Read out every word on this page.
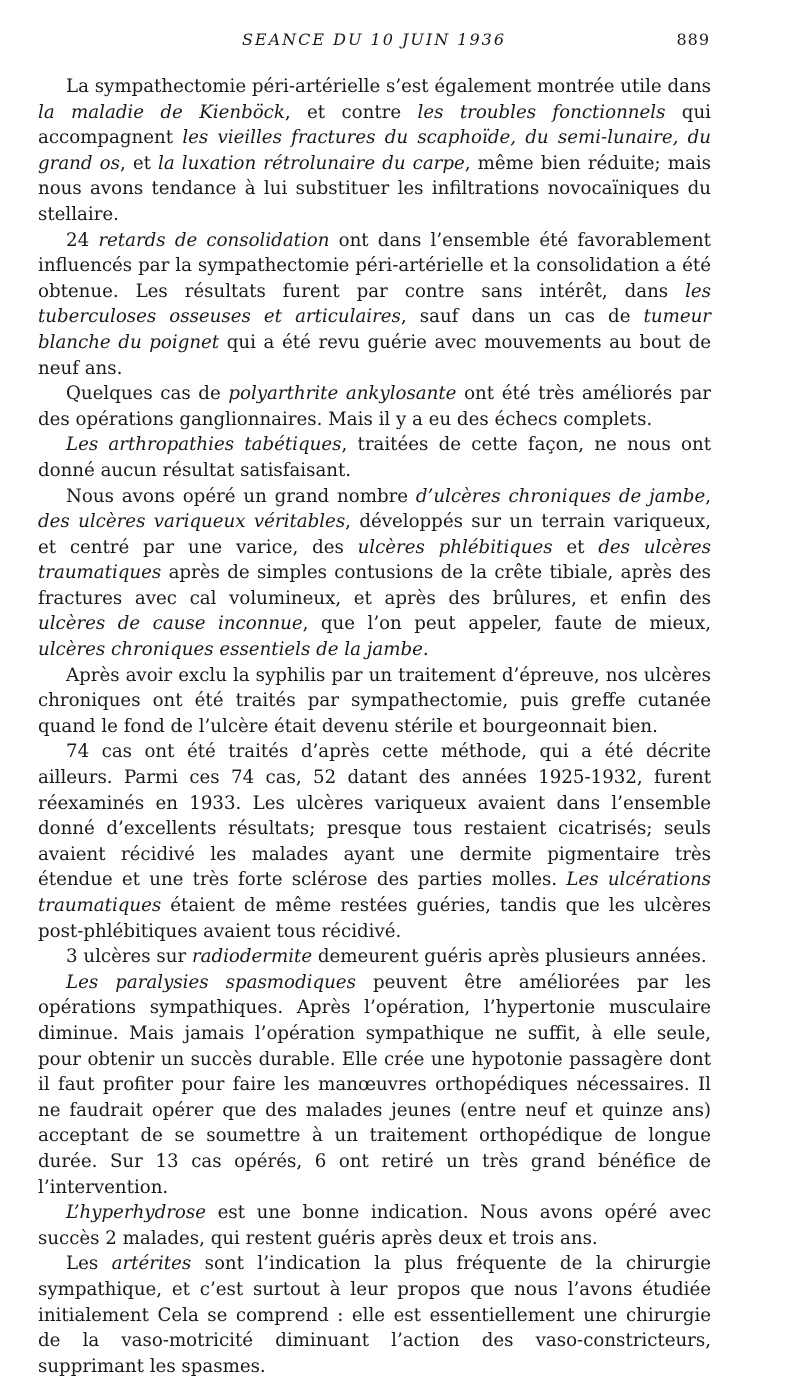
SEANCE DU 10 JUIN 1936	889

La sympathectomie péri-artérielle s’est également montrée utile dans la maladie de Kienböck, et contre les troubles fonctionnels qui accompagnent les vieilles fractures du scaphoïde, du semi-lunaire, du grand os, et la luxation rétrolunaire du carpe, même bien réduite; mais nous avons tendance à lui substituer les infiltrations novocaïniques du stellaire.

24 retards de consolidation ont dans l’ensemble été favorablement influencés par la sympathectomie péri-artérielle et la consolidation a été obtenue. Les résultats furent par contre sans intérêt, dans les tuberculoses osseuses et articulaires, sauf dans un cas de tumeur blanche du poignet qui a été revu guérie avec mouvements au bout de neuf ans.

Quelques cas de polyarthrite ankylosante ont été très améliorés par des opérations ganglionnaires. Mais il y a eu des échecs complets.

Les arthropathies tabétiques, traitées de cette façon, ne nous ont donné aucun résultat satisfaisant.

Nous avons opéré un grand nombre d’ulcères chroniques de jambe, des ulcères variqueux véritables, développés sur un terrain variqueux, et centré par une varice, des ulcères phlébitiques et des ulcères traumatiques après de simples contusions de la crête tibiale, après des fractures avec cal volumineux, et après des brûlures, et enfin des ulcères de cause inconnue, que l’on peut appeler, faute de mieux, ulcères chroniques essentiels de la jambe.

Après avoir exclu la syphilis par un traitement d’épreuve, nos ulcères chroniques ont été traités par sympathectomie, puis greffe cutanée quand le fond de l’ulcère était devenu stérile et bourgeonnait bien.

74 cas ont été traités d’après cette méthode, qui a été décrite ailleurs. Parmi ces 74 cas, 52 datant des années 1925-1932, furent réexaminés en 1933. Les ulcères variqueux avaient dans l’ensemble donné d’excellents résultats; presque tous restaient cicatrisés; seuls avaient récidivé les malades ayant une dermite pigmentaire très étendue et une très forte sclérose des parties molles. Les ulcérations traumatiques étaient de même restées guéries, tandis que les ulcères post-phlébitiques avaient tous récidivé.

3 ulcères sur radiodermite demeurent guéris après plusieurs années.

Les paralysies spasmodiques peuvent être améliorées par les opérations sympathiques. Après l’opération, l’hypertonie musculaire diminue. Mais jamais l’opération sympathique ne suffit, à elle seule, pour obtenir un succès durable. Elle crée une hypotonie passagère dont il faut profiter pour faire les manœuvres orthopédiques nécessaires. Il ne faudrait opérer que des malades jeunes (entre neuf et quinze ans) acceptant de se soumettre à un traitement orthopédique de longue durée. Sur 13 cas opérés, 6 ont retiré un très grand bénéfice de l’intervention.

L’hyperhydrose est une bonne indication. Nous avons opéré avec succès 2 malades, qui restent guéris après deux et trois ans.

Les artérites sont l’indication la plus fréquente de la chirurgie sympathique, et c’est surtout à leur propos que nous l’avons étudiée initialement Cela se comprend : elle est essentiellement une chirurgie de la vaso-motricité diminuant l’action des vaso-constricteurs, supprimant les spasmes.
